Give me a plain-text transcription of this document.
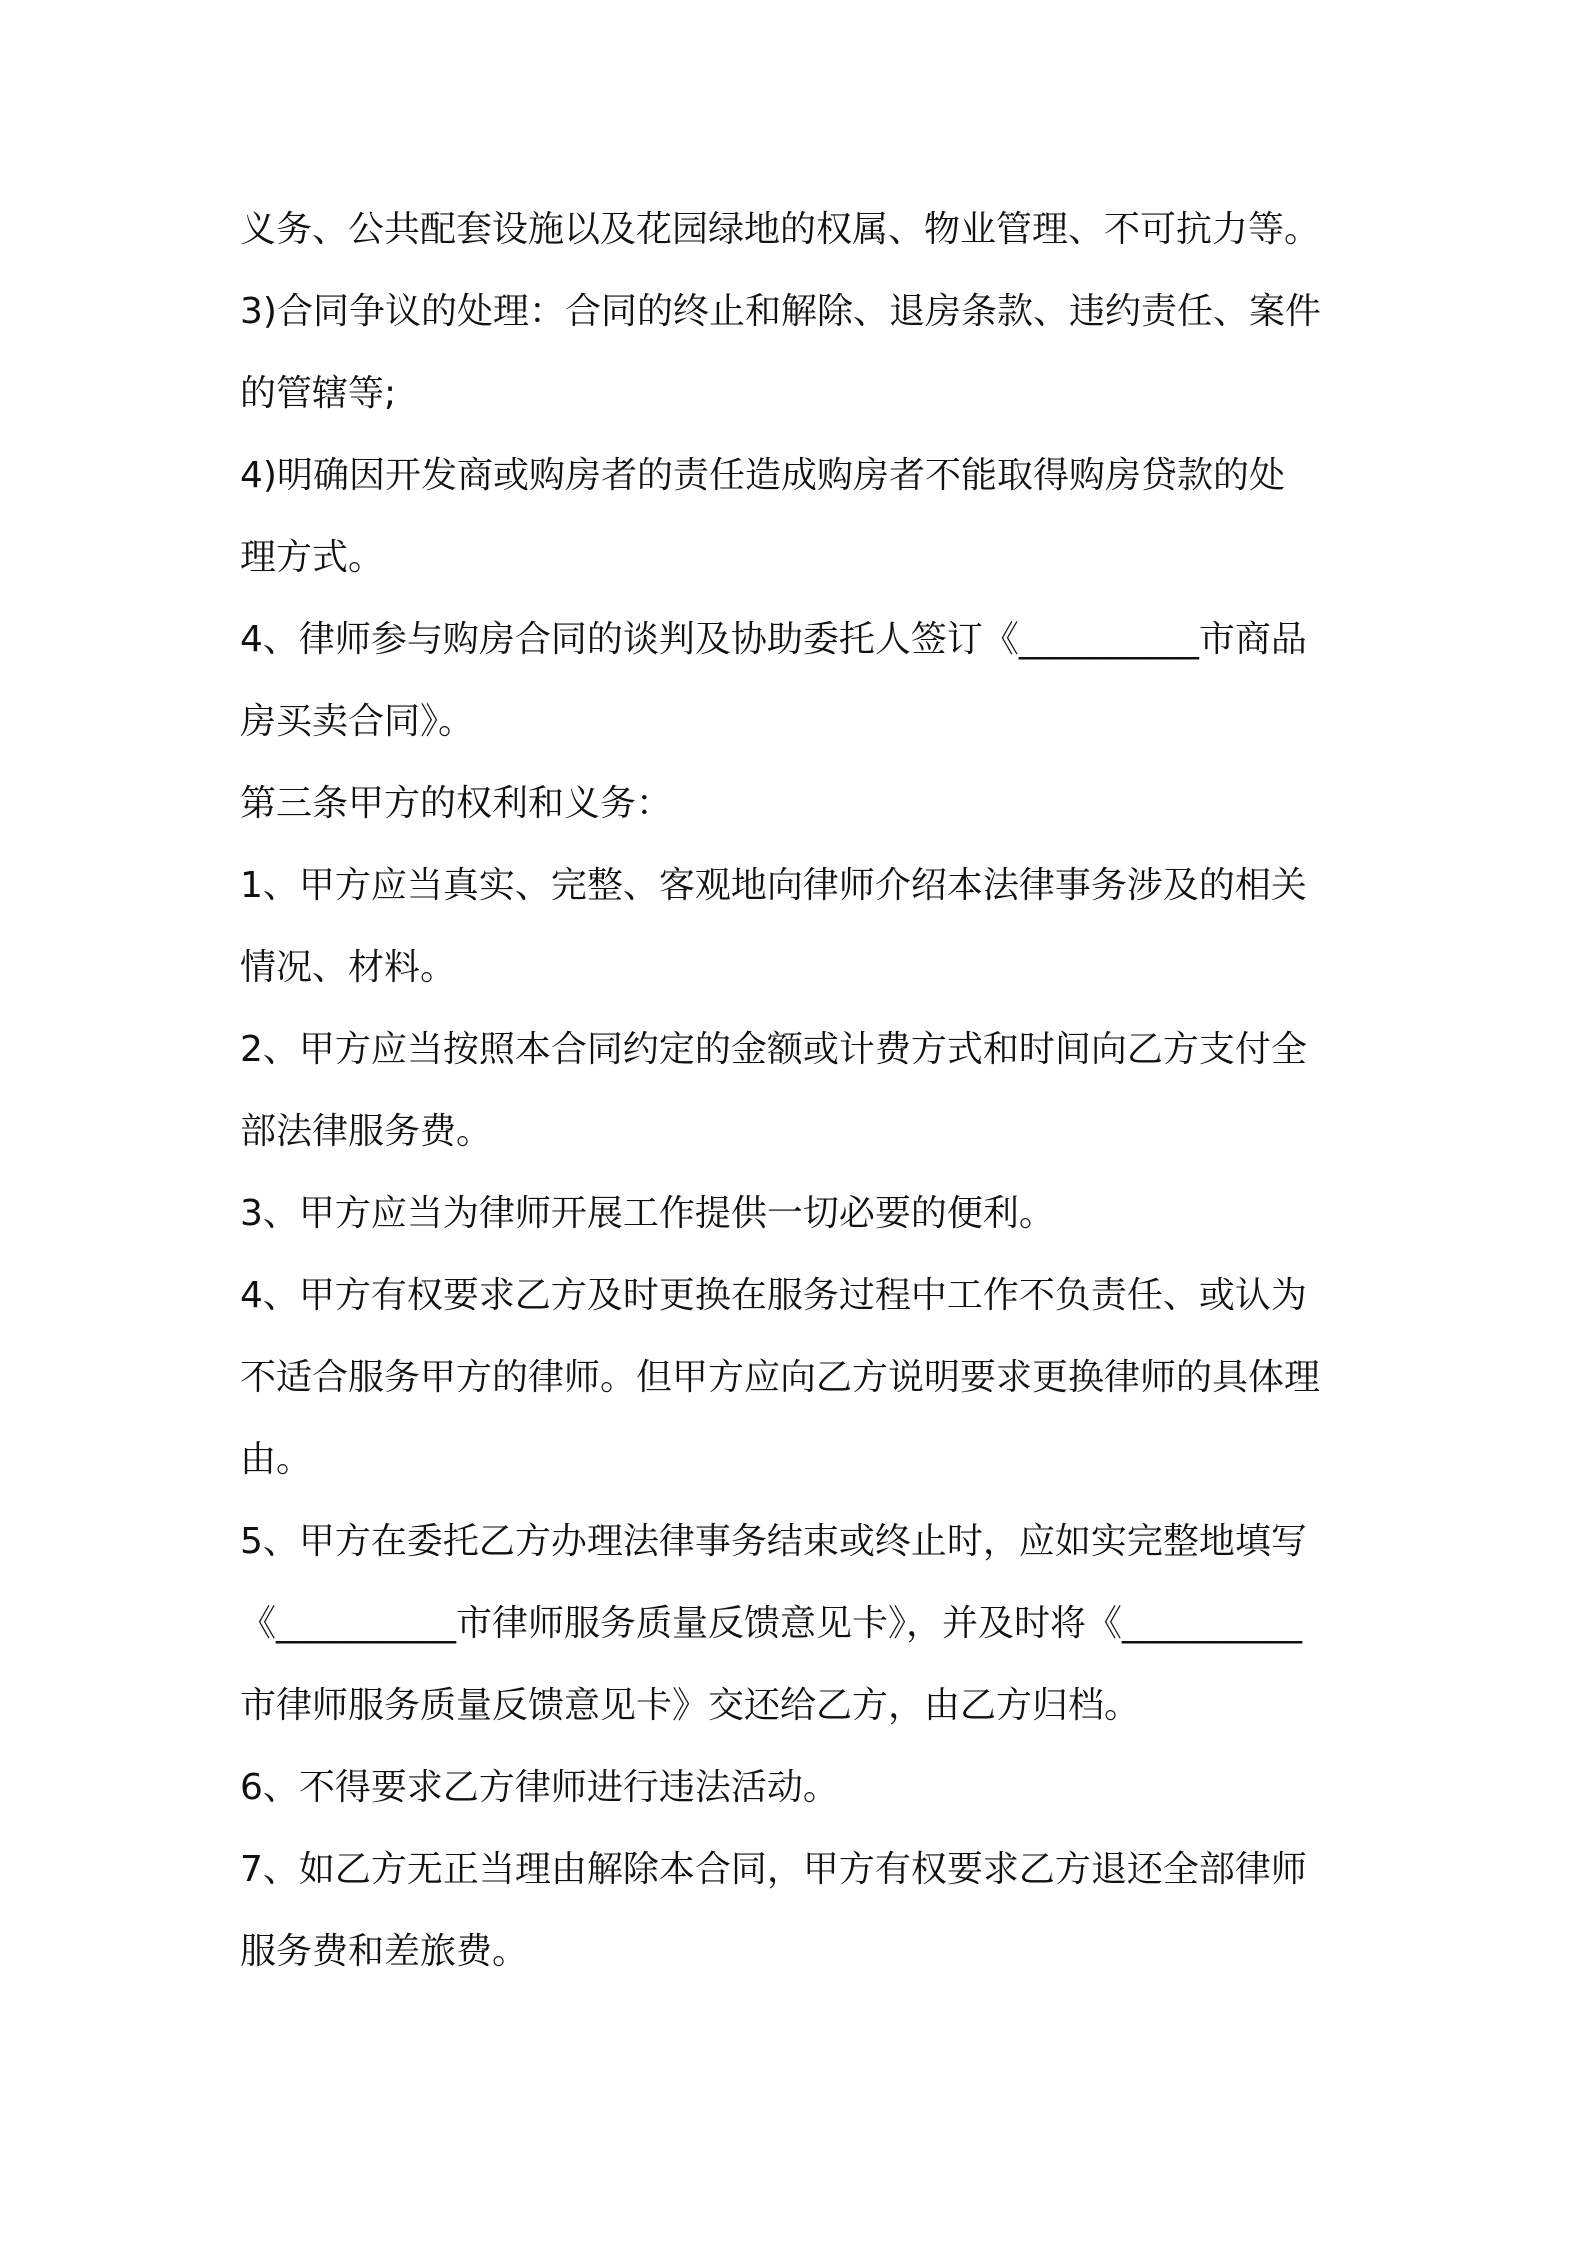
义务、公共配套设施以及花园绿地的权属、物业管理、不可抗力等。
3)合同争议的处理：合同的终止和解除、退房条款、违约责任、案件
的管辖等;
4)明确因开发商或购房者的责任造成购房者不能取得购房贷款的处
理方式。
4、律师参与购房合同的谈判及协助委托人签订《__________市商品
房买卖合同》。
第三条甲方的权利和义务：
1、甲方应当真实、完整、客观地向律师介绍本法律事务涉及的相关
情况、材料。
2、甲方应当按照本合同约定的金额或计费方式和时间向乙方支付全
部法律服务费。
3、甲方应当为律师开展工作提供一切必要的便利。
4、甲方有权要求乙方及时更换在服务过程中工作不负责任、或认为
不适合服务甲方的律师。但甲方应向乙方说明要求更换律师的具体理
由。
5、甲方在委托乙方办理法律事务结束或终止时，应如实完整地填写
《__________市律师服务质量反馈意见卡》，并及时将《__________
市律师服务质量反馈意见卡》交还给乙方，由乙方归档。
6、不得要求乙方律师进行违法活动。
7、如乙方无正当理由解除本合同，甲方有权要求乙方退还全部律师
服务费和差旅费。
